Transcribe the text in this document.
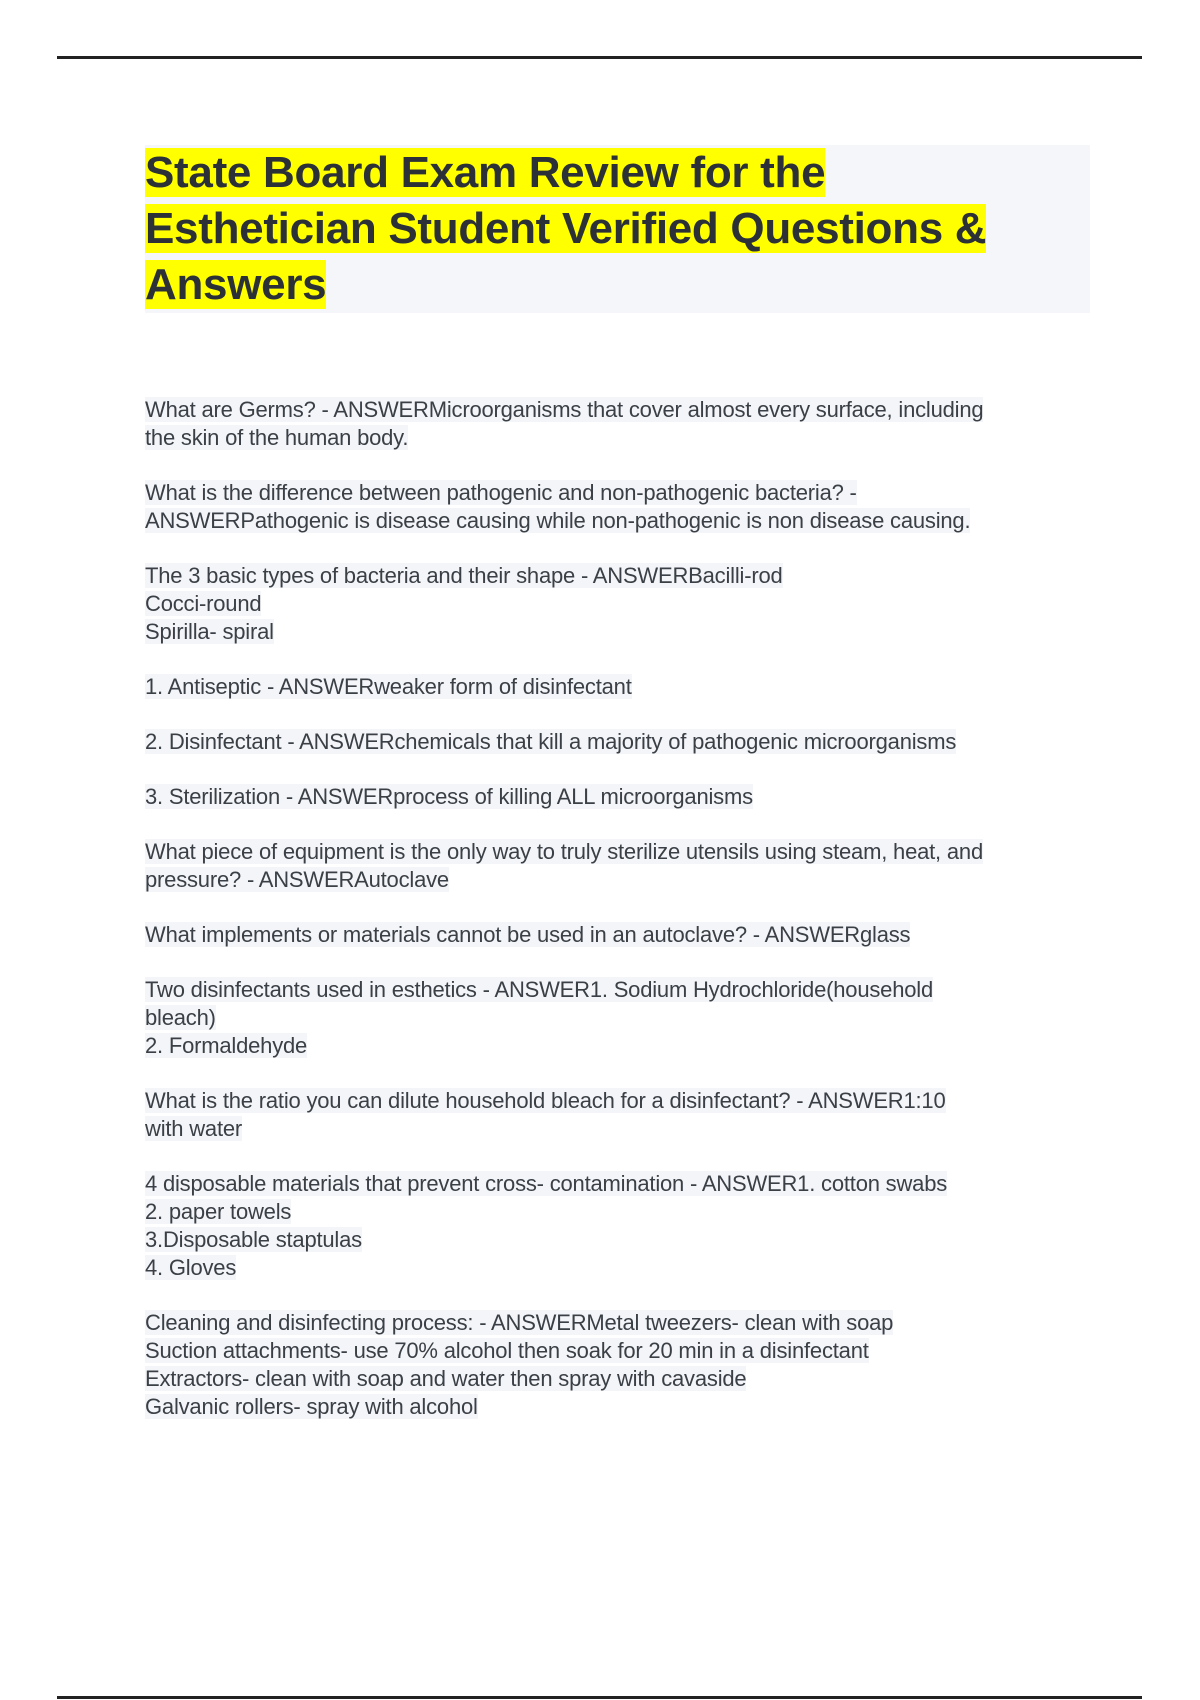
State Board Exam Review for the
Esthetician Student Verified Questions &
Answers

What are Germs? - ANSWERMicroorganisms that cover almost every surface, including
the skin of the human body.

What is the difference between pathogenic and non-pathogenic bacteria? -
ANSWERPathogenic is disease causing while non-pathogenic is non disease causing.

The 3 basic types of bacteria and their shape - ANSWERBacilli-rod
Cocci-round
Spirilla- spiral

1. Antiseptic - ANSWERweaker form of disinfectant

2. Disinfectant - ANSWERchemicals that kill a majority of pathogenic microorganisms

3. Sterilization - ANSWERprocess of killing ALL microorganisms

What piece of equipment is the only way to truly sterilize utensils using steam, heat, and
pressure? - ANSWERAutoclave

What implements or materials cannot be used in an autoclave? - ANSWERglass

Two disinfectants used in esthetics - ANSWER1. Sodium Hydrochloride(household
bleach)
2. Formaldehyde

What is the ratio you can dilute household bleach for a disinfectant? - ANSWER1:10
with water

4 disposable materials that prevent cross- contamination - ANSWER1. cotton swabs
2. paper towels
3.Disposable staptulas
4. Gloves

Cleaning and disinfecting process: - ANSWERMetal tweezers- clean with soap
Suction attachments- use 70% alcohol then soak for 20 min in a disinfectant
Extractors- clean with soap and water then spray with cavaside
Galvanic rollers- spray with alcohol
